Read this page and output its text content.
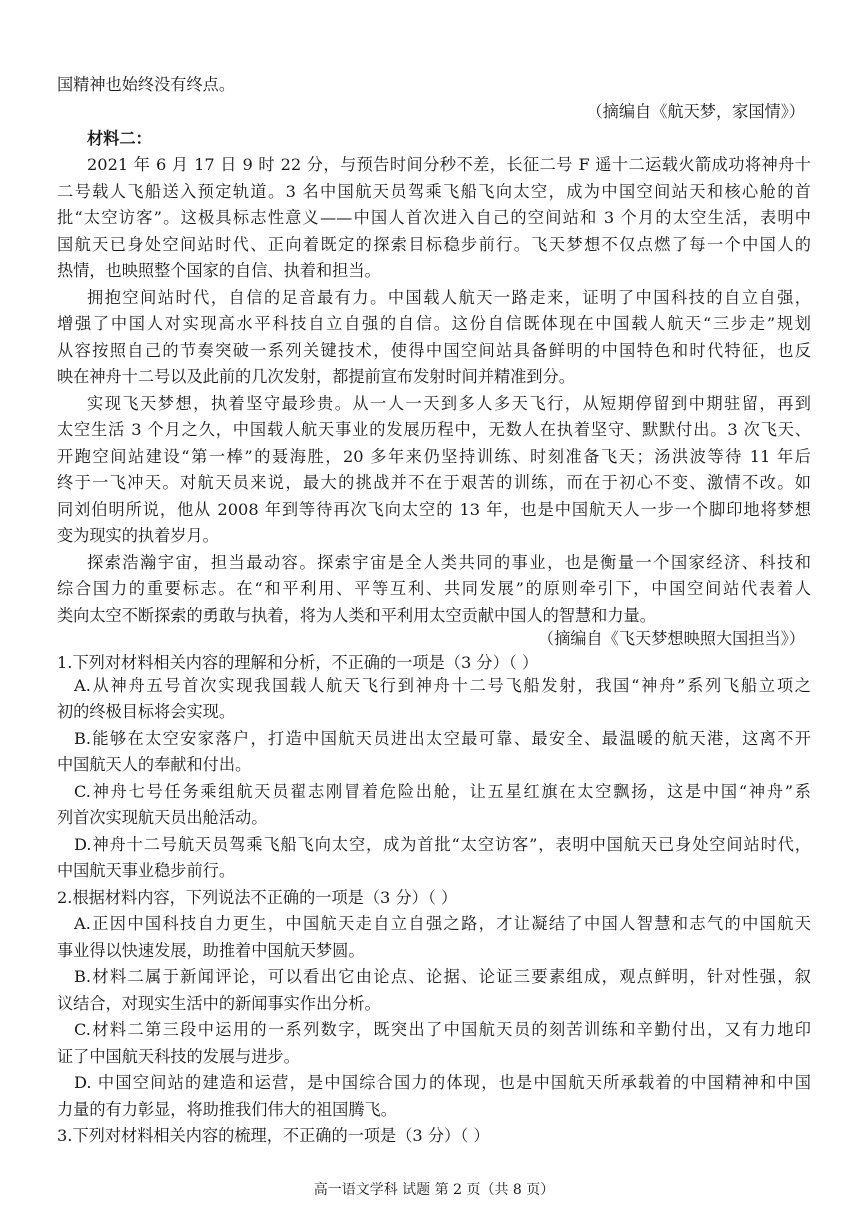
国精神也始终没有终点。
（摘编自《航天梦，家国情》）
材料二：
2021 年 6 月 17 日 9 时 22 分，与预告时间分秒不差，长征二号 F 遥十二运载火箭成功将神舟十
二号载人飞船送入预定轨道。3 名中国航天员驾乘飞船飞向太空，成为中国空间站天和核心舱的首
批“太空访客”。这极具标志性意义——中国人首次进入自己的空间站和 3 个月的太空生活，表明中
国航天已身处空间站时代、正向着既定的探索目标稳步前行。飞天梦想不仅点燃了每一个中国人的
热情，也映照整个国家的自信、执着和担当。
拥抱空间站时代，自信的足音最有力。中国载人航天一路走来，证明了中国科技的自立自强，
增强了中国人对实现高水平科技自立自强的自信。这份自信既体现在中国载人航天“三步走”规划
从容按照自己的节奏突破一系列关键技术，使得中国空间站具备鲜明的中国特色和时代特征，也反
映在神舟十二号以及此前的几次发射，都提前宣布发射时间并精准到分。
实现飞天梦想，执着坚守最珍贵。从一人一天到多人多天飞行，从短期停留到中期驻留，再到
太空生活 3 个月之久，中国载人航天事业的发展历程中，无数人在执着坚守、默默付出。3 次飞天、
开跑空间站建设“第一棒”的聂海胜，20 多年来仍坚持训练、时刻准备飞天；汤洪波等待 11 年后
终于一飞冲天。对航天员来说，最大的挑战并不在于艰苦的训练，而在于初心不变、激情不改。如
同刘伯明所说，他从 2008 年到等待再次飞向太空的 13 年，也是中国航天人一步一个脚印地将梦想
变为现实的执着岁月。
探索浩瀚宇宙，担当最动容。探索宇宙是全人类共同的事业，也是衡量一个国家经济、科技和
综合国力的重要标志。在“和平利用、平等互利、共同发展”的原则牵引下，中国空间站代表着人
类向太空不断探索的勇敢与执着，将为人类和平利用太空贡献中国人的智慧和力量。
（摘编自《飞天梦想映照大国担当》）
1.下列对材料相关内容的理解和分析，不正确的一项是（3 分）（ ）
A.从神舟五号首次实现我国载人航天飞行到神舟十二号飞船发射，我国“神舟”系列飞船立项之
初的终极目标将会实现。
B.能够在太空安家落户，打造中国航天员进出太空最可靠、最安全、最温暖的航天港，这离不开
中国航天人的奉献和付出。
C.神舟七号任务乘组航天员翟志刚冒着危险出舱，让五星红旗在太空飘扬，这是中国“神舟”系
列首次实现航天员出舱活动。
D.神舟十二号航天员驾乘飞船飞向太空，成为首批“太空访客”，表明中国航天已身处空间站时代，
中国航天事业稳步前行。
2.根据材料内容，下列说法不正确的一项是（3 分）（ ）
A.正因中国科技自力更生，中国航天走自立自强之路，才让凝结了中国人智慧和志气的中国航天
事业得以快速发展，助推着中国航天梦圆。
B.材料二属于新闻评论，可以看出它由论点、论据、论证三要素组成，观点鲜明，针对性强，叙
议结合，对现实生活中的新闻事实作出分析。
C.材料二第三段中运用的一系列数字，既突出了中国航天员的刻苦训练和辛勤付出，又有力地印
证了中国航天科技的发展与进步。
D. 中国空间站的建造和运营，是中国综合国力的体现，也是中国航天所承载着的中国精神和中国
力量的有力彰显，将助推我们伟大的祖国腾飞。
3.下列对材料相关内容的梳理，不正确的一项是（3 分）（ ）
高一语文学科 试题 第 2 页（共 8 页）
